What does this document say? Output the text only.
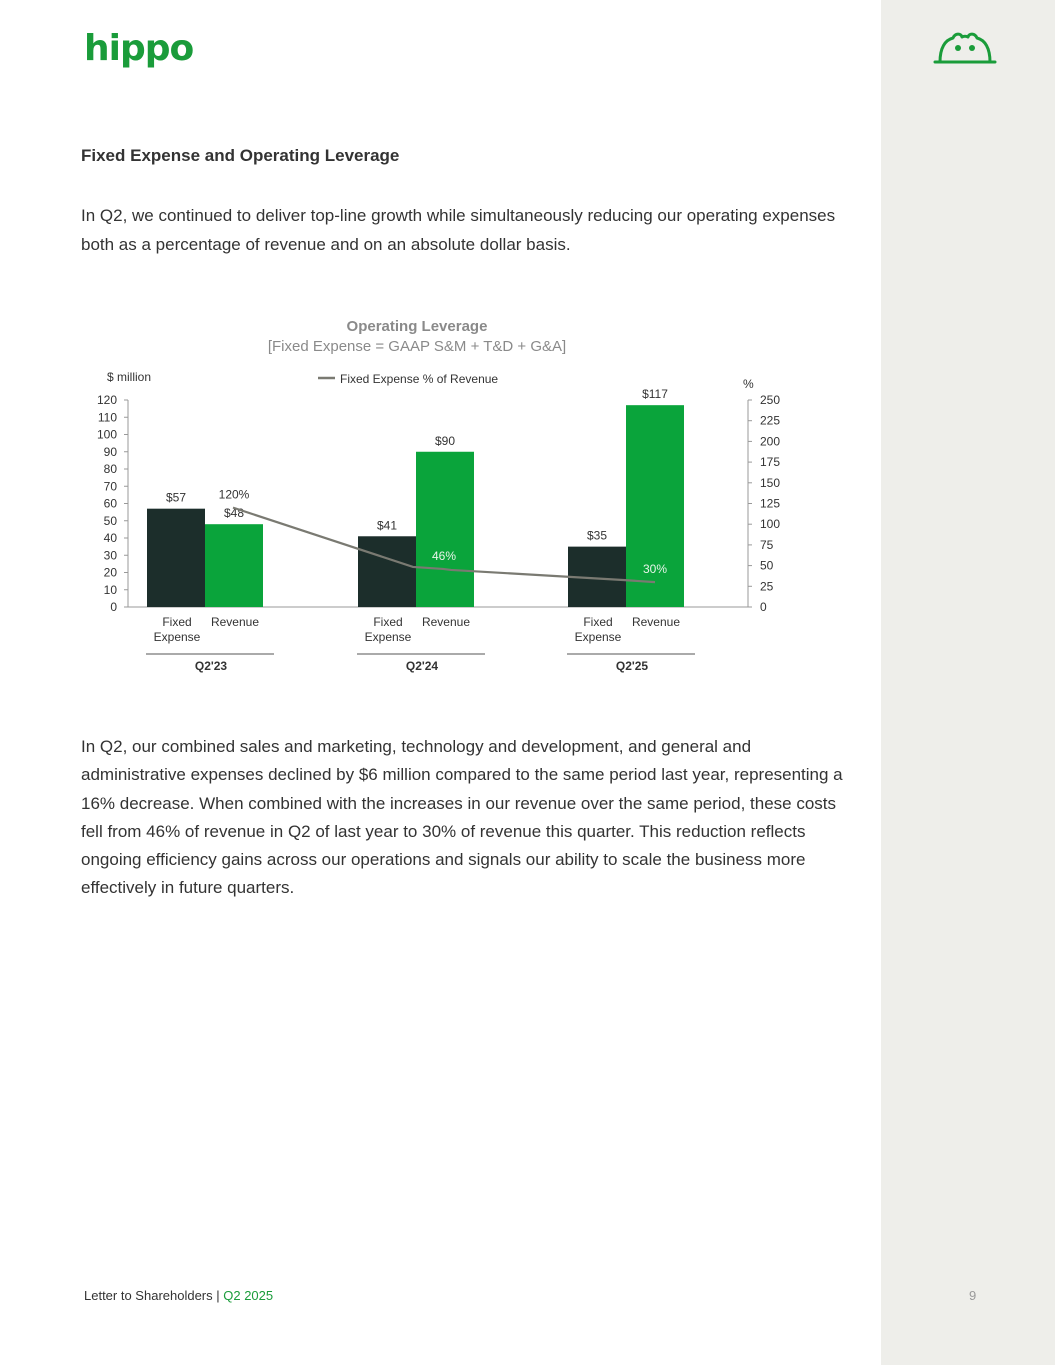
hippo
Fixed Expense and Operating Leverage

In Q2, we continued to deliver top-line growth while simultaneously reducing our operating expenses both as a percentage of revenue and on an absolute dollar basis.

Operating Leverage
[Fixed Expense = GAAP S&M + T&D + G&A]
$ million	Fixed Expense % of Revenue	%
0
10
20
30
40
50
60
70
80
90
100
110
120
0
25
50
75
100
125
150
175
200
225
250
$57
$48
Fixed Expense
Revenue
Q2'23
$41
$90
Fixed Expense
Revenue
Q2'24
$35
$117
Fixed Expense
Revenue
Q2'25
120%
46%
30%

In Q2, our combined sales and marketing, technology and development, and general and administrative expenses declined by $6 million compared to the same period last year, representing a 16% decrease. When combined with the increases in our revenue over the same period, these costs fell from 46% of revenue in Q2 of last year to 30% of revenue this quarter. This reduction reflects ongoing efficiency gains across our operations and signals our ability to scale the business more effectively in future quarters.

Letter to Shareholders | Q2 2025	9
